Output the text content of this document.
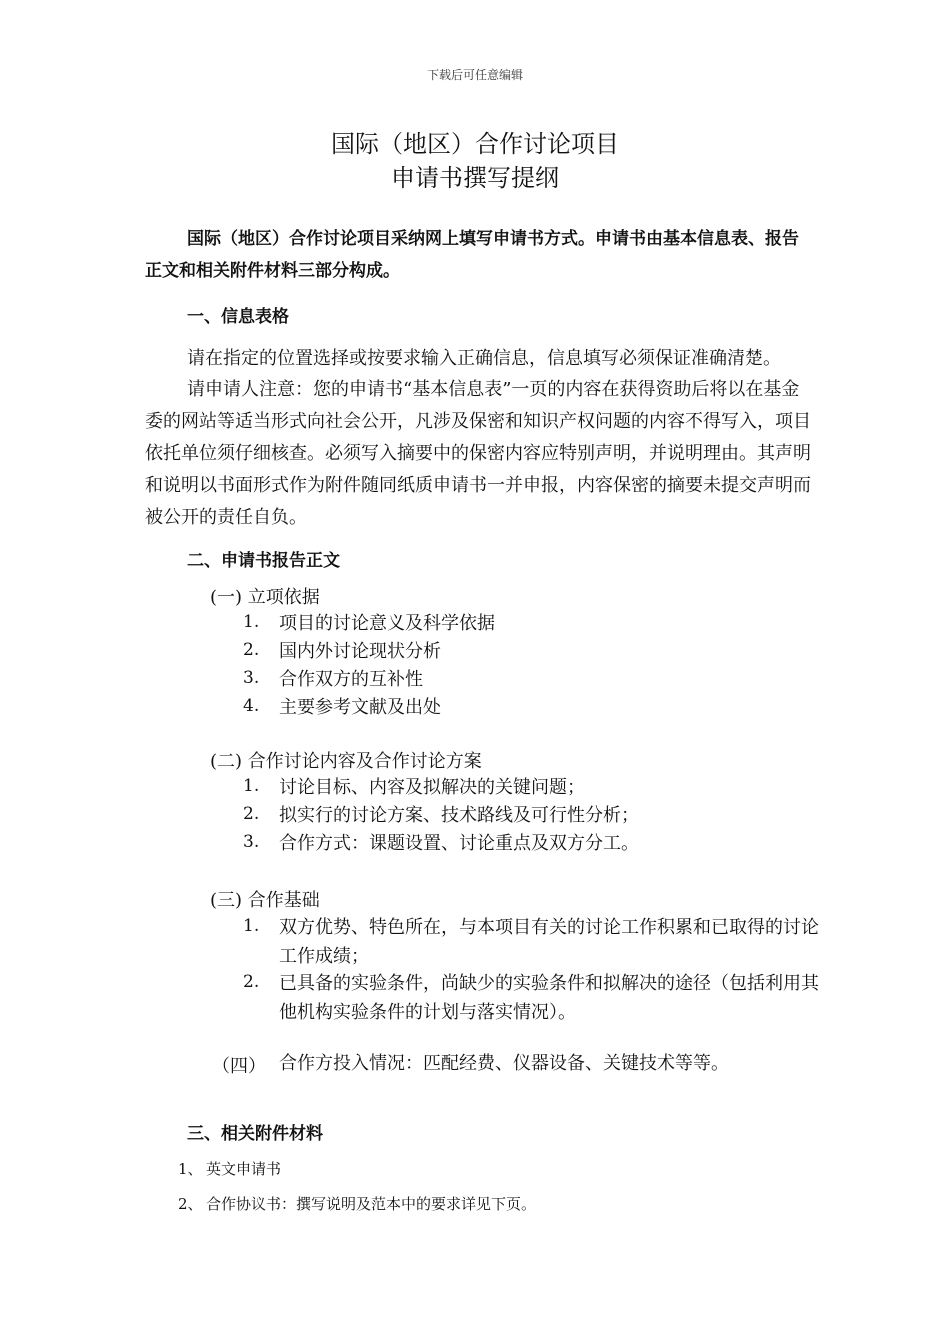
下载后可任意编辑
国际（地区）合作讨论项目
申请书撰写提纲

国际（地区）合作讨论项目采纳网上填写申请书方式。申请书由基本信息表、报告正文和相关附件材料三部分构成。

一、信息表格

请在指定的位置选择或按要求输入正确信息，信息填写必须保证准确清楚。

请申请人注意：您的申请书“基本信息表”一页的内容在获得资助后将以在基金委的网站等适当形式向社会公开，凡涉及保密和知识产权问题的内容不得写入，项目依托单位须仔细核查。必须写入摘要中的保密内容应特别声明，并说明理由。其声明和说明以书面形式作为附件随同纸质申请书一并申报，内容保密的摘要未提交声明而被公开的责任自负。

二、申请书报告正文
(一) 立项依据
1. 项目的讨论意义及科学依据
2. 国内外讨论现状分析
3. 合作双方的互补性
4. 主要参考文献及出处
(二) 合作讨论内容及合作讨论方案
1. 讨论目标、内容及拟解决的关键问题；
2. 拟实行的讨论方案、技术路线及可行性分析；
3. 合作方式：课题设置、讨论重点及双方分工。
(三) 合作基础
1. 双方优势、特色所在，与本项目有关的讨论工作积累和已取得的讨论工作成绩；
2. 已具备的实验条件，尚缺少的实验条件和拟解决的途径（包括利用其他机构实验条件的计划与落实情况）。
（四） 合作方投入情况：匹配经费、仪器设备、关键技术等等。
三、相关附件材料
1、 英文申请书
2、 合作协议书：撰写说明及范本中的要求详见下页。
